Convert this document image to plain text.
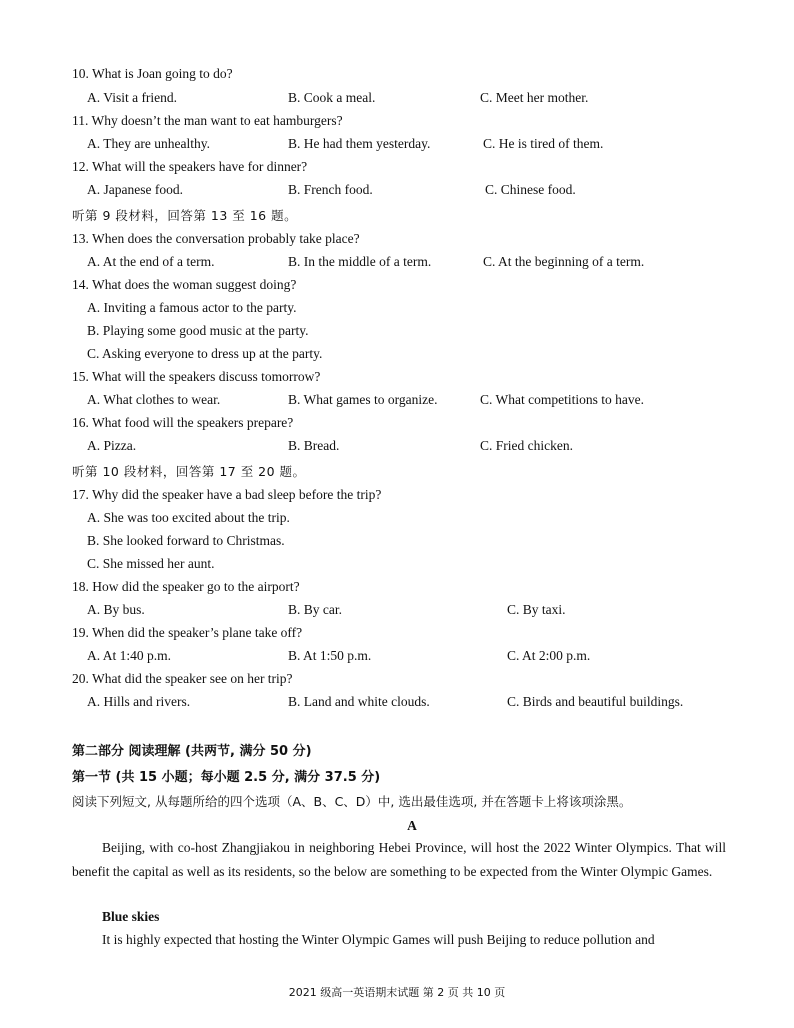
10. What is Joan going to do?
A. Visit a friend.	B. Cook a meal.	C. Meet her mother.
11. Why doesn’t the man want to eat hamburgers?
A. They are unhealthy.	B. He had them yesterday.	C. He is tired of them.
12. What will the speakers have for dinner?
A. Japanese food.	B. French food.	C. Chinese food.
听第 9 段材料，回答第 13 至 16 题。
13. When does the conversation probably take place?
A. At the end of a term.	B. In the middle of a term.	C. At the beginning of a term.
14. What does the woman suggest doing?
A. Inviting a famous actor to the party.
B. Playing some good music at the party.
C. Asking everyone to dress up at the party.
15. What will the speakers discuss tomorrow?
A. What clothes to wear.	B. What games to organize.	C. What competitions to have.
16. What food will the speakers prepare?
A. Pizza.	B. Bread.	C. Fried chicken.
听第 10 段材料，回答第 17 至 20 题。
17. Why did the speaker have a bad sleep before the trip?
A. She was too excited about the trip.
B. She looked forward to Christmas.
C. She missed her aunt.
18. How did the speaker go to the airport?
A. By bus.	B. By car.	C. By taxi.
19. When did the speaker’s plane take off?
A. At 1:40 p.m.	B. At 1:50 p.m.	C. At 2:00 p.m.
20. What did the speaker see on her trip?
A. Hills and rivers.	B. Land and white clouds.	C. Birds and beautiful buildings.
第二部分 阅读理解 (共两节, 满分 50 分)
第一节 (共 15 小题；每小题 2.5 分, 满分 37.5 分)
阅读下列短文, 从每题所给的四个选项（A、B、C、D）中, 选出最佳选项, 并在答题卡上将该项涂黑。
A
Beijing, with co-host Zhangjiakou in neighboring Hebei Province, will host the 2022 Winter Olympics. That will benefit the capital as well as its residents, so the below are something to be expected from the Winter Olympic Games.
Blue skies
It is highly expected that hosting the Winter Olympic Games will push Beijing to reduce pollution and
2021 级高一英语期末试题 第 2 页 共 10 页
